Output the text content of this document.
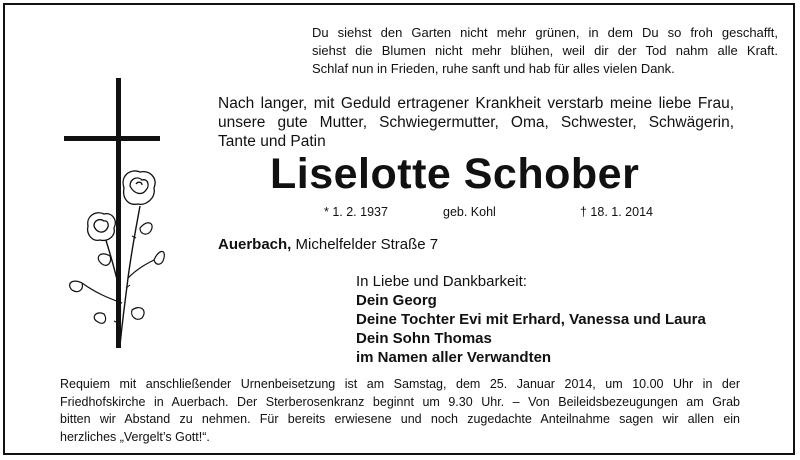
Du siehst den Garten nicht mehr grünen, in dem Du so froh geschafft,
siehst die Blumen nicht mehr blühen, weil dir der Tod nahm alle Kraft.
Schlaf nun in Frieden, ruhe sanft und hab für alles vielen Dank.
Nach langer, mit Geduld ertragener Krankheit verstarb meine liebe Frau,
unsere gute Mutter, Schwiegermutter, Oma, Schwester, Schwägerin,
Tante und Patin
Liselotte Schober
* 1. 2. 1937	geb. Kohl	† 18. 1. 2014
Auerbach, Michelfelder Straße 7
In Liebe und Dankbarkeit:
Dein Georg
Deine Tochter Evi mit Erhard, Vanessa und Laura
Dein Sohn Thomas
im Namen aller Verwandten
Requiem mit anschließender Urnenbeisetzung ist am Samstag, dem 25. Januar 2014, um 10.00 Uhr in der
Friedhofskirche in Auerbach. Der Sterberosenkranz beginnt um 9.30 Uhr. – Von Beileidsbezeugungen am Grab
bitten wir Abstand zu nehmen. Für bereits erwiesene und noch zugedachte Anteilnahme sagen wir allen ein
herzliches „Vergelt’s Gott!“.
